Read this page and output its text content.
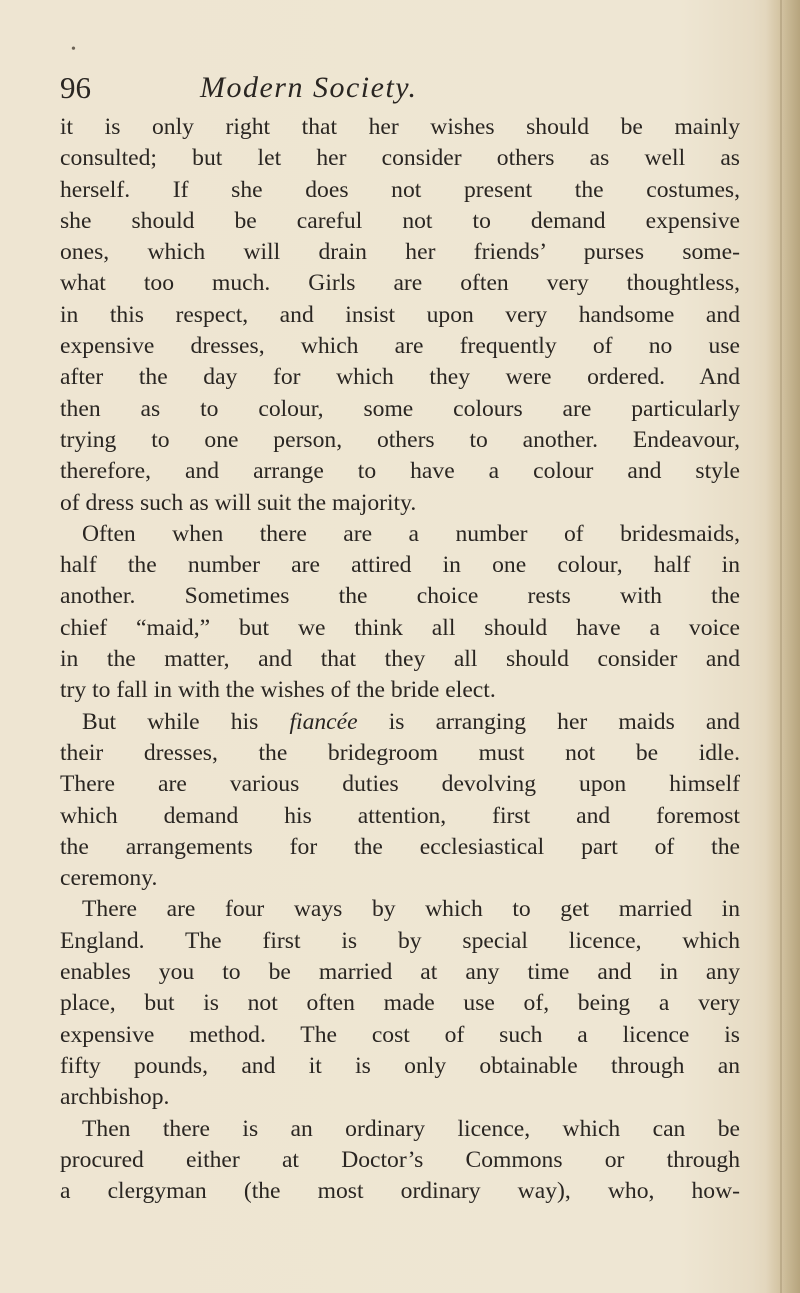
•
96	Modern Society.
it is only right that her wishes should be mainly
consulted; but let her consider others as well as
herself. If she does not present the costumes,
she should be careful not to demand expensive
ones, which will drain her friends’ purses some-
what too much. Girls are often very thoughtless,
in this respect, and insist upon very handsome and
expensive dresses, which are frequently of no use
after the day for which they were ordered. And
then as to colour, some colours are particularly
trying to one person, others to another. Endeavour,
therefore, and arrange to have a colour and style
of dress such as will suit the majority.
Often when there are a number of bridesmaids,
half the number are attired in one colour, half in
another. Sometimes the choice rests with the
chief “maid,” but we think all should have a voice
in the matter, and that they all should consider and
try to fall in with the wishes of the bride elect.
But while his fiancée is arranging her maids and
their dresses, the bridegroom must not be idle.
There are various duties devolving upon himself
which demand his attention, first and foremost
the arrangements for the ecclesiastical part of the
ceremony.
There are four ways by which to get married in
England. The first is by special licence, which
enables you to be married at any time and in any
place, but is not often made use of, being a very
expensive method. The cost of such a licence is
fifty pounds, and it is only obtainable through an
archbishop.
Then there is an ordinary licence, which can be
procured either at Doctor’s Commons or through
a clergyman (the most ordinary way), who, how-
